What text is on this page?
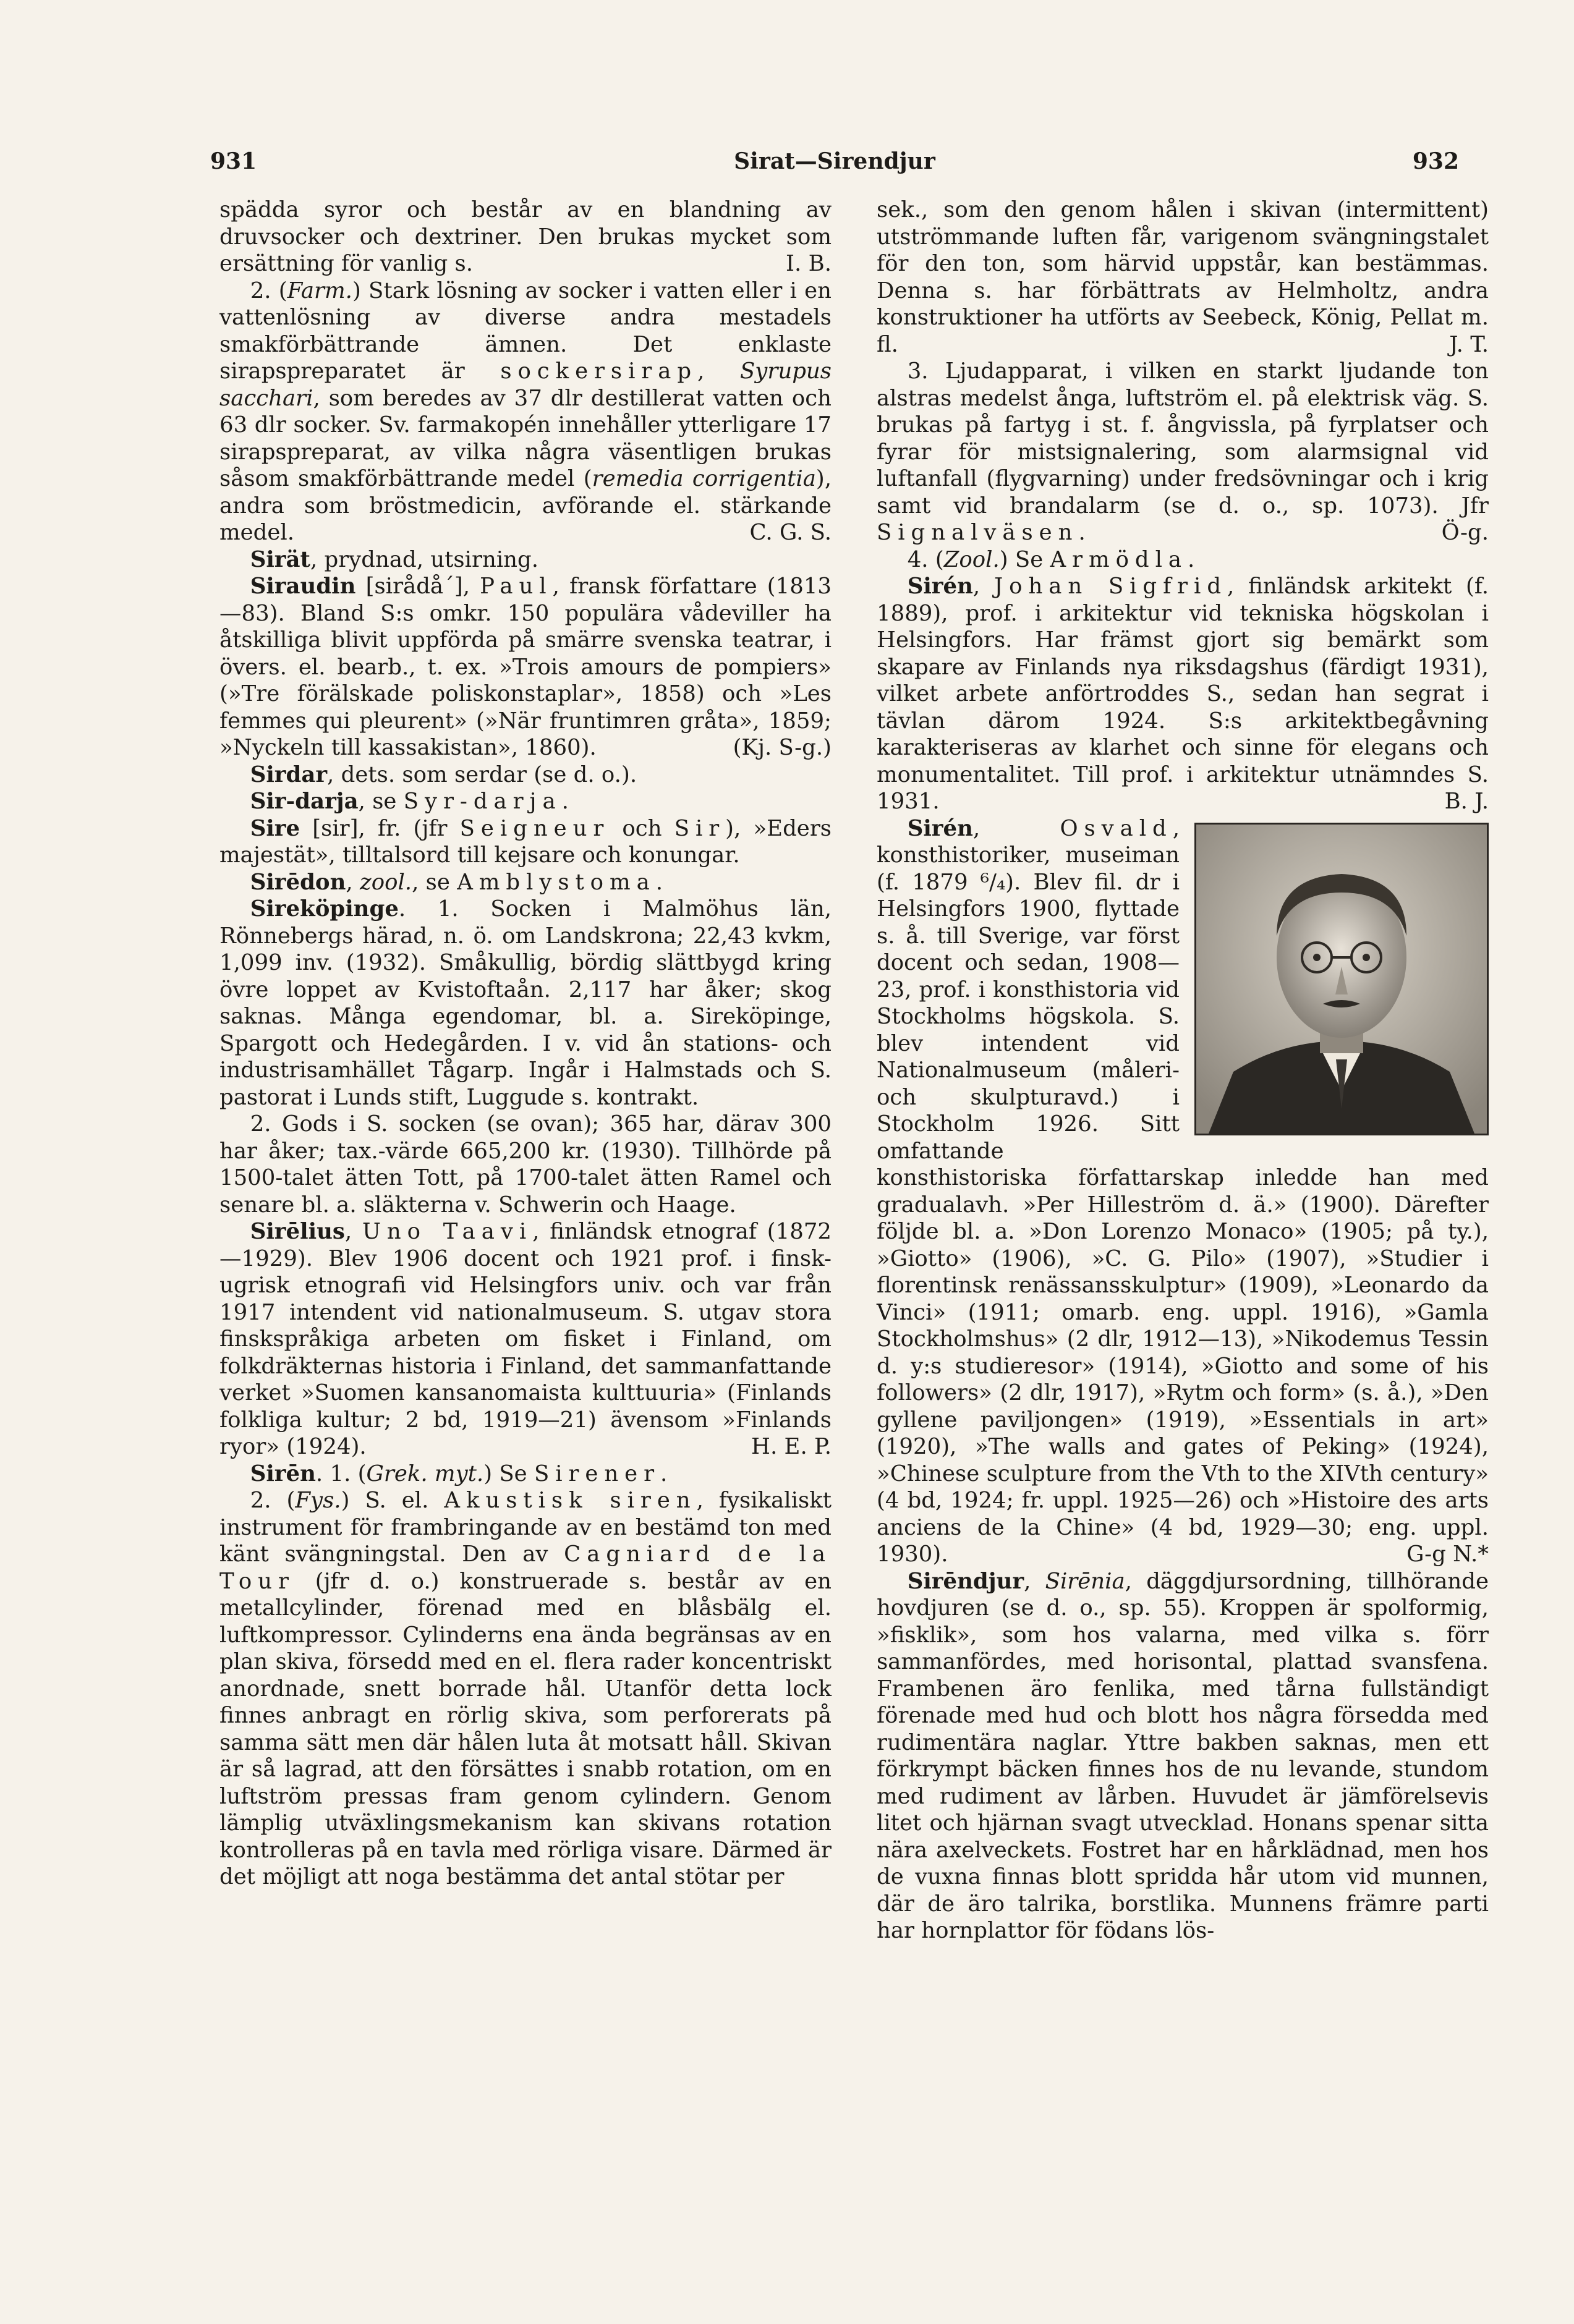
931	Sirat—Sirendjur	932

spädda syror och består av en blandning av druvsocker och dextriner. Den brukas mycket som ersättning för vanlig s.	I. B.

2. (Farm.) Stark lösning av socker i vatten eller i en vattenlösning av diverse andra mestadels smakförbättrande ämnen. Det enklaste sirapspreparatet är sockersirap, Syrupus sacchari, som beredes av 37 dlr destillerat vatten och 63 dlr socker. Sv. farmakopén innehåller ytterligare 17 sirapspreparat, av vilka några väsentligen brukas såsom smakförbättrande medel (remedia corrigentia), andra som bröstmedicin, avförande el. stärkande medel.	C. G. S.

Sirät, prydnad, utsirning.

Siraudin [sirådå´], Paul, fransk författare (1813—83). Bland S:s omkr. 150 populära vådeviller ha åtskilliga blivit uppförda på smärre svenska teatrar, i övers. el. bearb., t. ex. »Trois amours de pompiers» (»Tre förälskade poliskonstaplar», 1858) och »Les femmes qui pleurent» (»När fruntimren gråta», 1859; »Nyckeln till kassakistan», 1860).	(Kj. S-g.)

Sirdar, dets. som serdar (se d. o.).

Sir-darja, se Syr-darja.

Sire [sir], fr. (jfr Seigneur och Sir), »Eders majestät», tilltalsord till kejsare och konungar.

Sirēdon, zool., se Amblystoma.

Sireköpinge. 1. Socken i Malmöhus län, Rönnebergs härad, n. ö. om Landskrona; 22,43 kvkm, 1,099 inv. (1932). Småkullig, bördig slättbygd kring övre loppet av Kvistoftaån. 2,117 har åker; skog saknas. Många egendomar, bl. a. Sireköpinge, Spargott och Hedegården. I v. vid ån stations- och industrisamhället Tågarp. Ingår i Halmstads och S. pastorat i Lunds stift, Luggude s. kontrakt.

2. Gods i S. socken (se ovan); 365 har, därav 300 har åker; tax.-värde 665,200 kr. (1930). Tillhörde på 1500-talet ätten Tott, på 1700-talet ätten Ramel och senare bl. a. släkterna v. Schwerin och Haage.

Sirēlius, Uno Taavi, finländsk etnograf (1872—1929). Blev 1906 docent och 1921 prof. i finsk-ugrisk etnografi vid Helsingfors univ. och var från 1917 intendent vid nationalmuseum. S. utgav stora finskspråkiga arbeten om fisket i Finland, om folkdräkternas historia i Finland, det sammanfattande verket »Suomen kansanomaista kulttuuria» (Finlands folkliga kultur; 2 bd, 1919—21) ävensom »Finlands ryor» (1924).	H. E. P.

Sirēn. 1. (Grek. myt.) Se Sirener.

2. (Fys.) S. el. Akustisk siren, fysikaliskt instrument för frambringande av en bestämd ton med känt svängningstal. Den av Cagniard de la Tour (jfr d. o.) konstruerade s. består av en metallcylinder, förenad med en blåsbälg el. luftkompressor. Cylinderns ena ända begränsas av en plan skiva, försedd med en el. flera rader koncentriskt anordnade, snett borrade hål. Utanför detta lock finnes anbragt en rörlig skiva, som perforerats på samma sätt men där hålen luta åt motsatt håll. Skivan är så lagrad, att den försättes i snabb rotation, om en luftström pressas fram genom cylindern. Genom lämplig utväxlingsmekanism kan skivans rotation kontrolleras på en tavla med rörliga visare. Därmed är det möjligt att noga bestämma det antal stötar per

sek., som den genom hålen i skivan (intermittent) utströmmande luften får, varigenom svängningstalet för den ton, som härvid uppstår, kan bestämmas. Denna s. har förbättrats av Helmholtz, andra konstruktioner ha utförts av Seebeck, König, Pellat m. fl.	J. T.

3. Ljudapparat, i vilken en starkt ljudande ton alstras medelst ånga, luftström el. på elektrisk väg. S. brukas på fartyg i st. f. ångvissla, på fyrplatser och fyrar för mistsignalering, som alarmsignal vid luftanfall (flygvarning) under fredsövningar och i krig samt vid brandalarm (se d. o., sp. 1073). Jfr Signalväsen.	Ö-g.

4. (Zool.) Se Armödla.

Sirén, Johan Sigfrid, finländsk arkitekt (f. 1889), prof. i arkitektur vid tekniska högskolan i Helsingfors. Har främst gjort sig bemärkt som skapare av Finlands nya riksdagshus (färdigt 1931), vilket arbete anförtroddes S., sedan han segrat i tävlan därom 1924. S:s arkitektbegåvning karakteriseras av klarhet och sinne för elegans och monumentalitet. Till prof. i arkitektur utnämndes S. 1931.	B. J.

Sirén, Osvald, konsthistoriker, museiman (f. 1879 ⁶/₄). Blev fil. dr i Helsingfors 1900, flyttade s. å. till Sverige, var först docent och sedan, 1908—23, prof. i konsthistoria vid Stockholms högskola. S. blev intendent vid Nationalmuseum (måleri- och skulpturavd.) i Stockholm 1926. Sitt omfattande konsthistoriska författarskap inledde han med gradualavh. »Per Hilleström d. ä.» (1900). Därefter följde bl. a. »Don Lorenzo Monaco» (1905; på ty.), »Giotto» (1906), »C. G. Pilo» (1907), »Studier i florentinsk renässansskulptur» (1909), »Leonardo da Vinci» (1911; omarb. eng. uppl. 1916), »Gamla Stockholmshus» (2 dlr, 1912—13), »Nikodemus Tessin d. y:s studieresor» (1914), »Giotto and some of his followers» (2 dlr, 1917), »Rytm och form» (s. å.), »Den gyllene paviljongen» (1919), »Essentials in art» (1920), »The walls and gates of Peking» (1924), »Chinese sculpture from the Vth to the XIVth century» (4 bd, 1924; fr. uppl. 1925—26) och »Histoire des arts anciens de la Chine» (4 bd, 1929—30; eng. uppl. 1930).	G-g N.*

Sirēndjur, Sirēnia, däggdjursordning, tillhörande hovdjuren (se d. o., sp. 55). Kroppen är spolformig, »fisklik», som hos valarna, med vilka s. förr sammanfördes, med horisontal, plattad svansfena. Frambenen äro fenlika, med tårna fullständigt förenade med hud och blott hos några försedda med rudimentära naglar. Yttre bakben saknas, men ett förkrympt bäcken finnes hos de nu levande, stundom med rudiment av lårben. Huvudet är jämförelsevis litet och hjärnan svagt utvecklad. Honans spenar sitta nära axelveckets. Fostret har en hårklädnad, men hos de vuxna finnas blott spridda hår utom vid munnen, där de äro talrika, borstlika. Munnens främre parti har hornplattor för födans lös-
